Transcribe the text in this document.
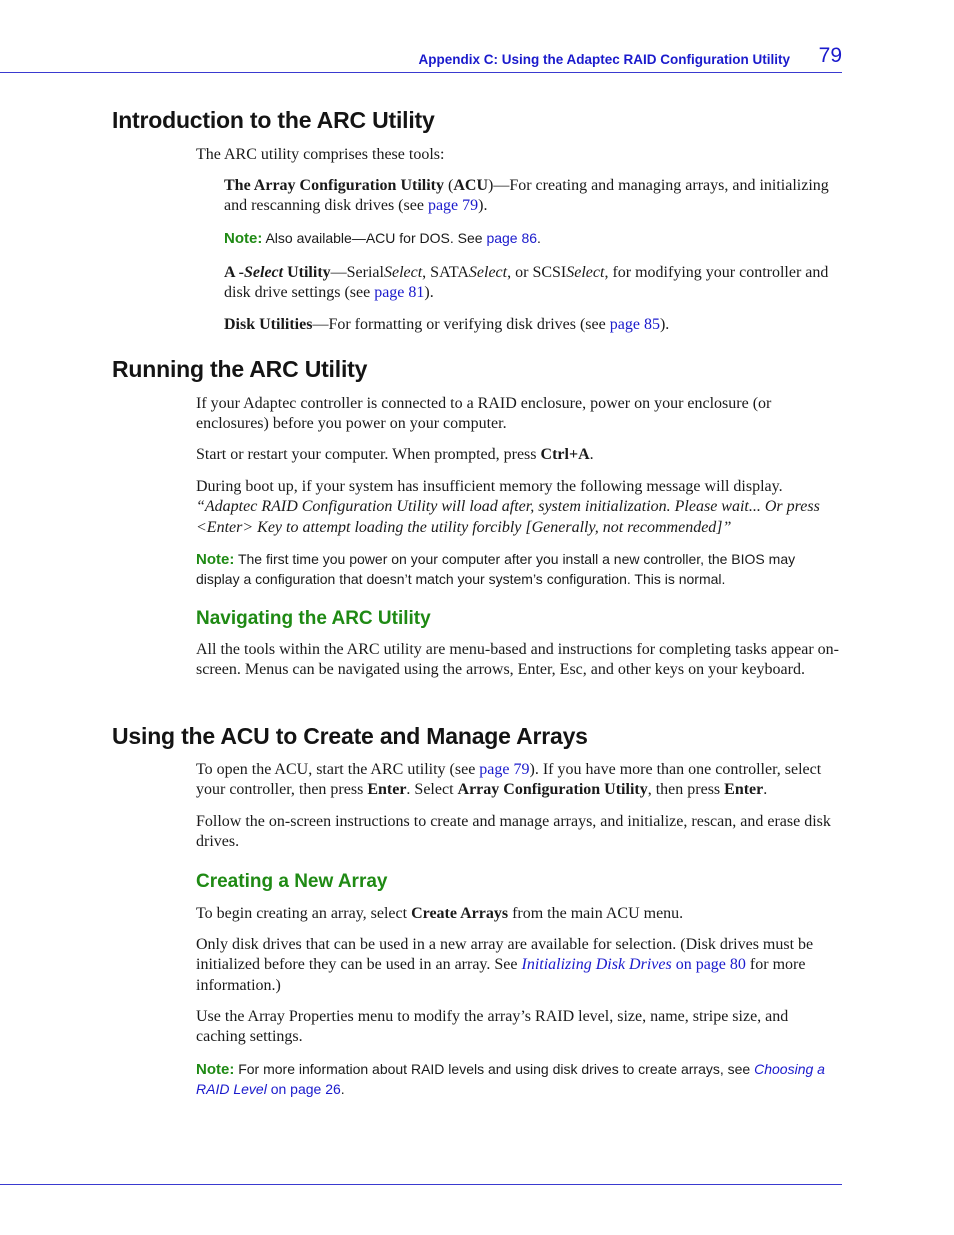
Appendix C: Using the Adaptec RAID Configuration Utility 79
Introduction to the ARC Utility

The ARC utility comprises these tools:

The Array Configuration Utility (ACU)—For creating and managing arrays, and initializing and rescanning disk drives (see page 79).

Note: Also available—ACU for DOS. See page 86.

A -Select Utility—SerialSelect, SATASelect, or SCSISelect, for modifying your controller and disk drive settings (see page 81).

Disk Utilities—For formatting or verifying disk drives (see page 85).

Running the ARC Utility

If your Adaptec controller is connected to a RAID enclosure, power on your enclosure (or enclosures) before you power on your computer.

Start or restart your computer. When prompted, press Ctrl+A.

During boot up, if your system has insufficient memory the following message will display. “Adaptec RAID Configuration Utility will load after, system initialization. Please wait... Or press <Enter> Key to attempt loading the utility forcibly [Generally, not recommended]”

Note: The first time you power on your computer after you install a new controller, the BIOS may display a configuration that doesn’t match your system’s configuration. This is normal.

Navigating the ARC Utility

All the tools within the ARC utility are menu-based and instructions for completing tasks appear on-screen. Menus can be navigated using the arrows, Enter, Esc, and other keys on your keyboard.

Using the ACU to Create and Manage Arrays

To open the ACU, start the ARC utility (see page 79). If you have more than one controller, select your controller, then press Enter. Select Array Configuration Utility, then press Enter.

Follow the on-screen instructions to create and manage arrays, and initialize, rescan, and erase disk drives.

Creating a New Array

To begin creating an array, select Create Arrays from the main ACU menu.

Only disk drives that can be used in a new array are available for selection. (Disk drives must be initialized before they can be used in an array. See Initializing Disk Drives on page 80 for more information.)

Use the Array Properties menu to modify the array’s RAID level, size, name, stripe size, and caching settings.

Note: For more information about RAID levels and using disk drives to create arrays, see Choosing a RAID Level on page 26.
